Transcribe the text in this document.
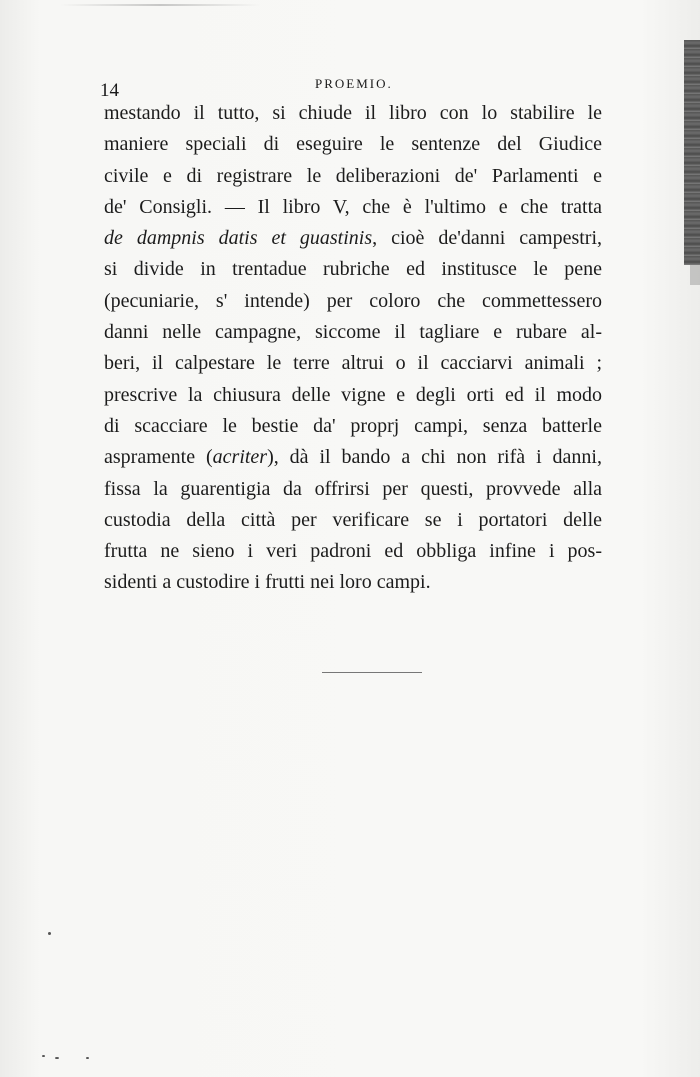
14	PROEMIO.
mestando il tutto, si chiude il libro con lo stabilire le
maniere speciali di eseguire le sentenze del Giudice
civile e di registrare le deliberazioni de' Parlamenti e
de' Consigli. — Il libro V, che è l'ultimo e che tratta
de dampnis datis et guastinis, cioè de'danni campestri,
si divide in trentadue rubriche ed institusce le pene
(pecuniarie, s' intende) per coloro che commettessero
danni nelle campagne, siccome il tagliare e rubare al-
beri, il calpestare le terre altrui o il cacciarvi animali ;
prescrive la chiusura delle vigne e degli orti ed il modo
di scacciare le bestie da' proprj campi, senza batterle
aspramente (acriter), dà il bando a chi non rifà i danni,
fissa la guarentigia da offrirsi per questi, provvede alla
custodia della città per verificare se i portatori delle
frutta ne sieno i veri padroni ed obbliga infine i pos-
sidenti a custodire i frutti nei loro campi.
